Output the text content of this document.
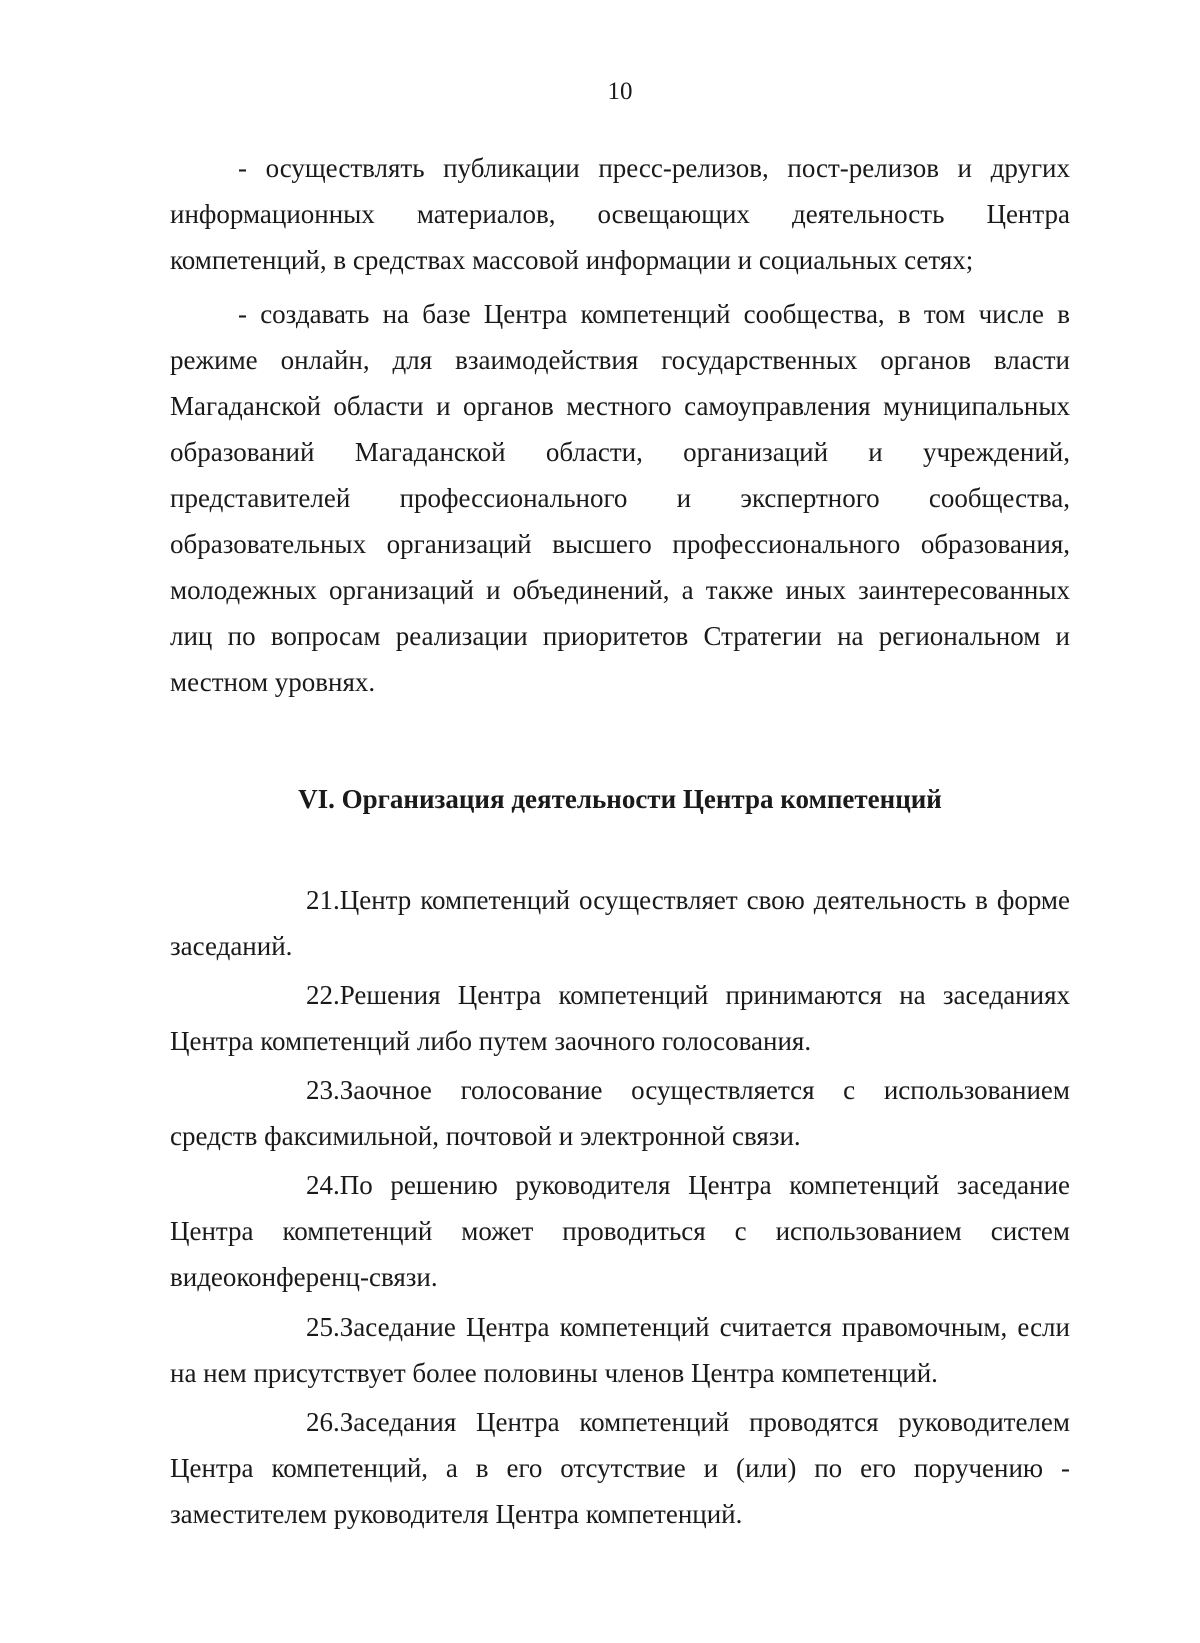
10

- осуществлять публикации пресс-релизов, пост-релизов и других информационных материалов, освещающих деятельность Центра компетенций, в средствах массовой информации и социальных сетях;

- создавать на базе Центра компетенций сообщества, в том числе в режиме онлайн, для взаимодействия государственных органов власти Магаданской области и органов местного самоуправления муниципальных образований Магаданской области, организаций и учреждений, представителей профессионального и экспертного сообщества, образовательных организаций высшего профессионального образования, молодежных организаций и объединений, а также иных заинтересованных лиц по вопросам реализации приоритетов Стратегии на региональном и местном уровнях.

VI. Организация деятельности Центра компетенций

21.Центр компетенций осуществляет свою деятельность в форме заседаний.

22.Решения Центра компетенций принимаются на заседаниях Центра компетенций либо путем заочного голосования.

23.Заочное голосование осуществляется с использованием средств факсимильной, почтовой и электронной связи.

24.По решению руководителя Центра компетенций заседание Центра компетенций может проводиться с использованием систем видеоконференц-связи.

25.Заседание Центра компетенций считается правомочным, если на нем присутствует более половины членов Центра компетенций.

26.Заседания Центра компетенций проводятся руководителем Центра компетенций, а в его отсутствие и (или) по его поручению - заместителем руководителя Центра компетенций.
